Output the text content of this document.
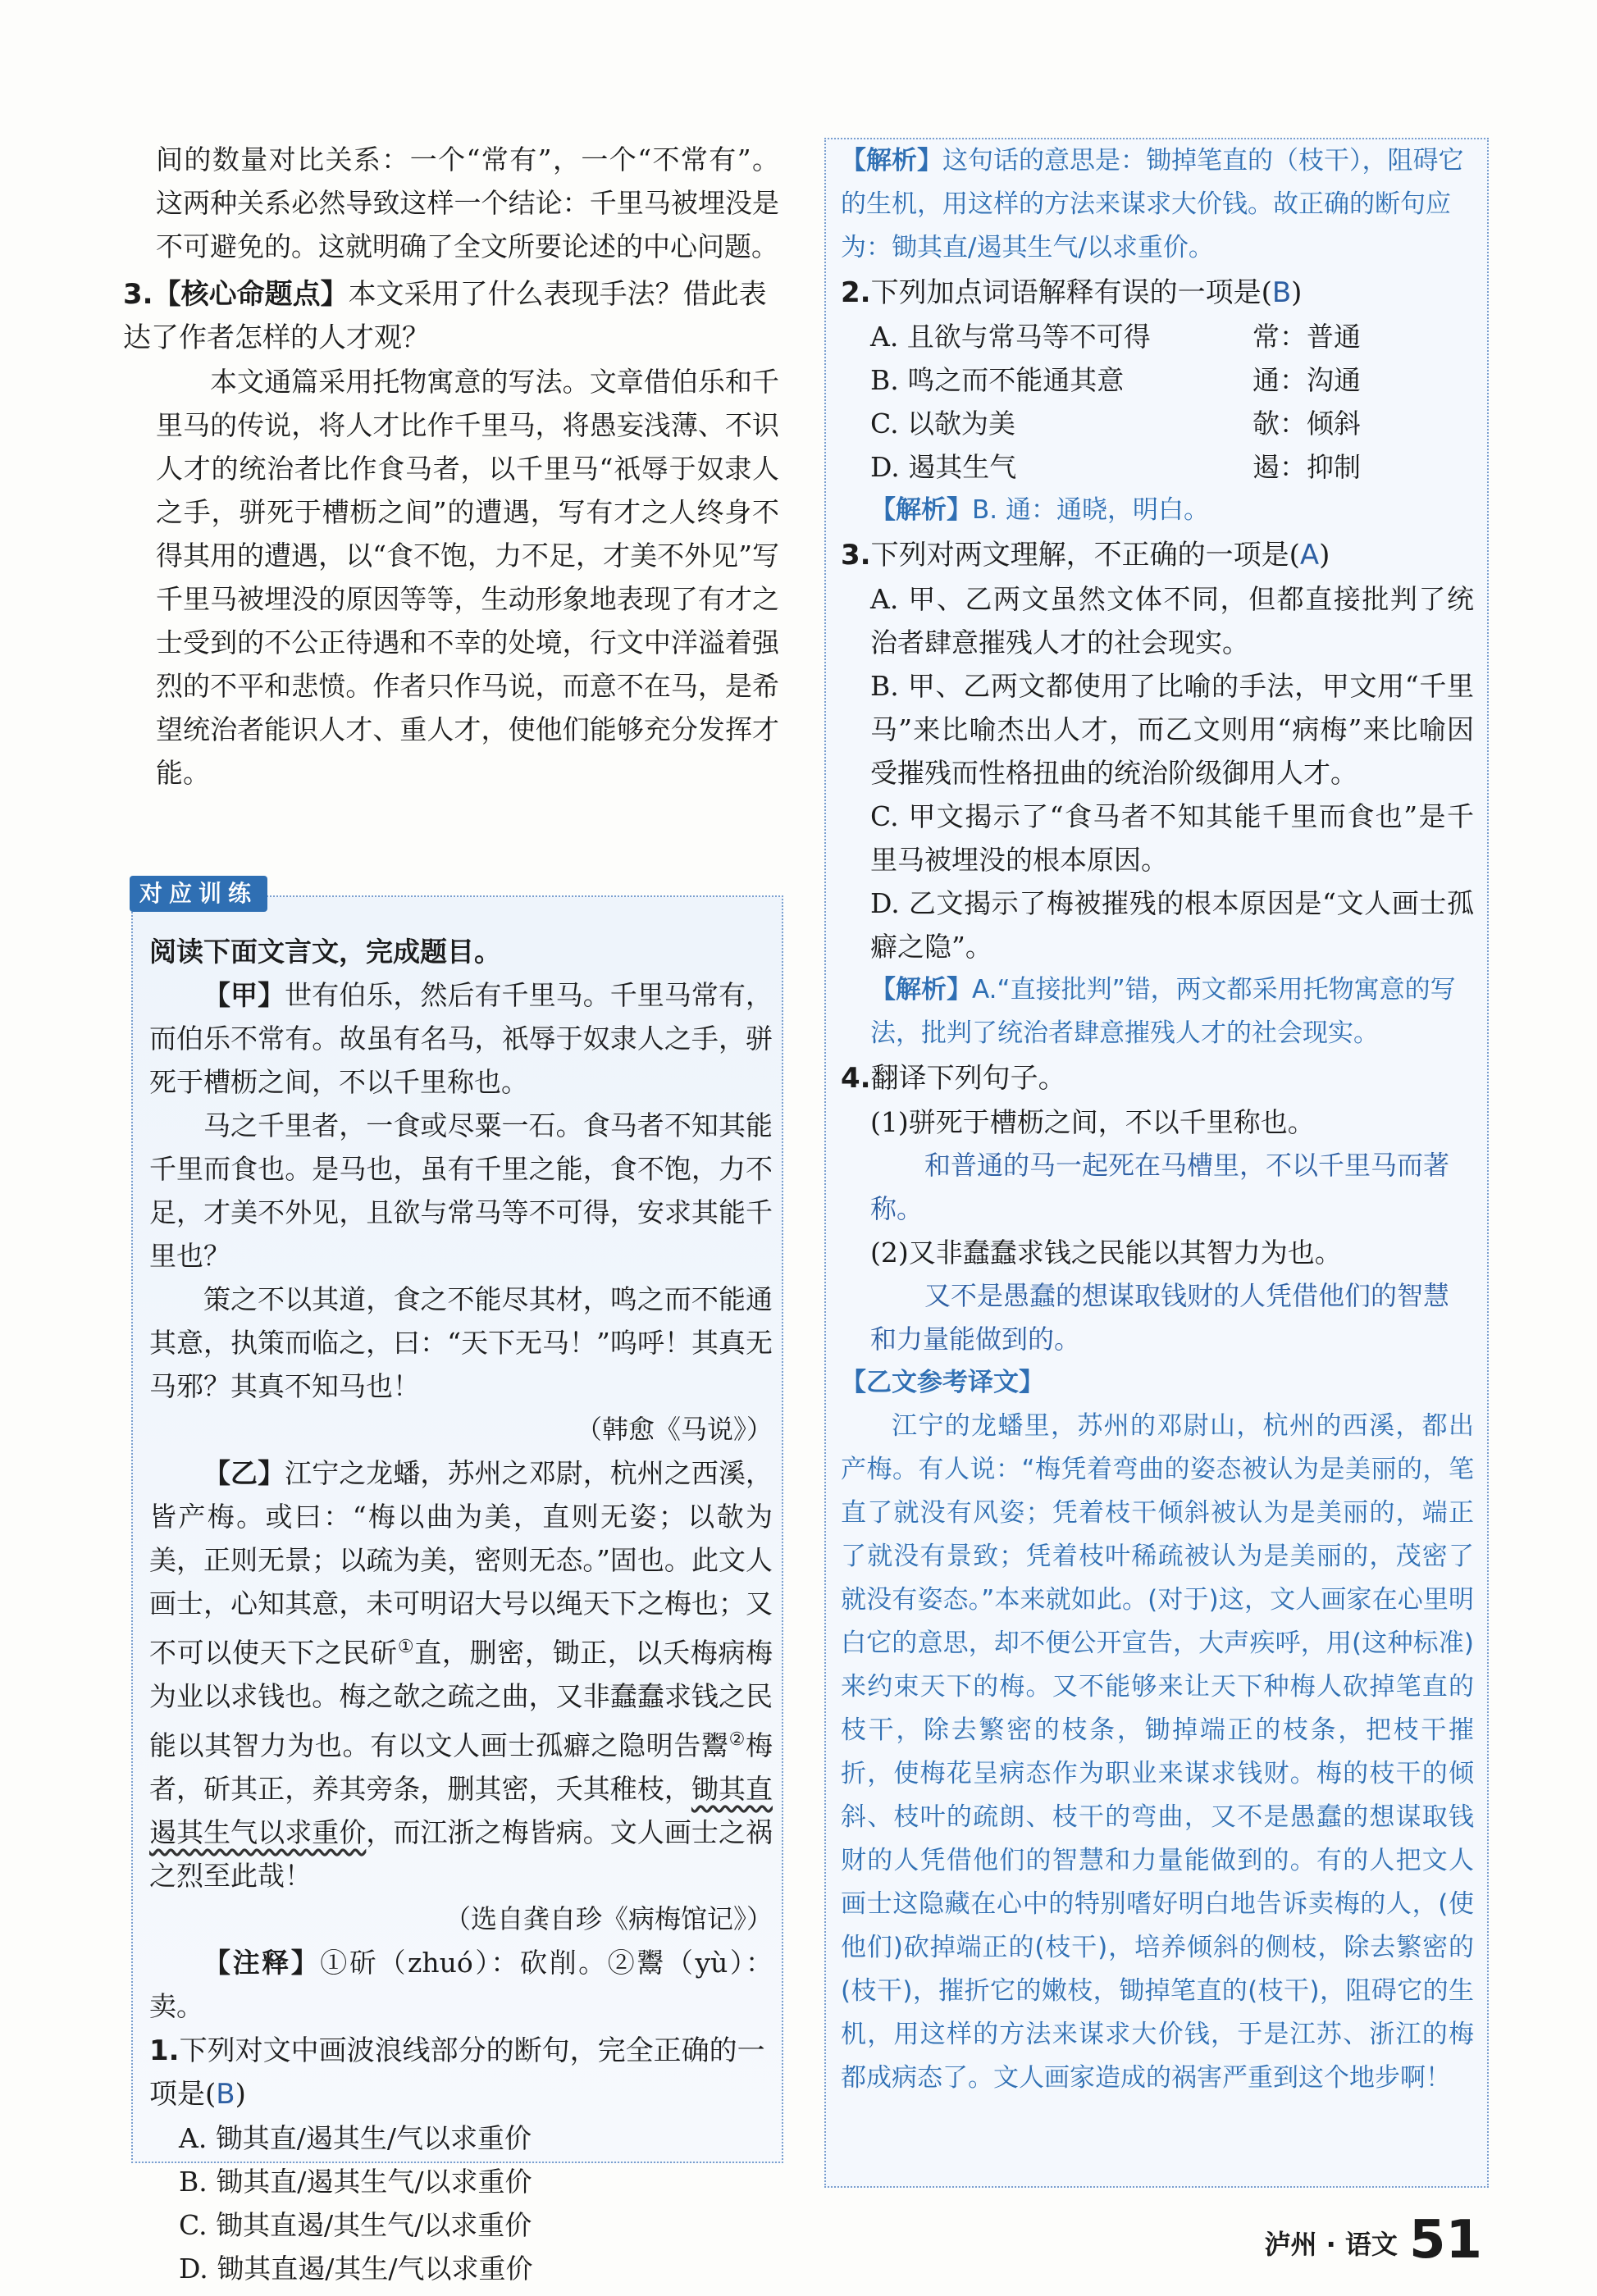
间的数量对比关系：一个“常有”，一个“不常有”。这两种关系必然导致这样一个结论：千里马被埋没是不可避免的。这就明确了全文所要论述的中心问题。

3.【核心命题点】本文采用了什么表现手法？借此表达了作者怎样的人才观？

本文通篇采用托物寓意的写法。文章借伯乐和千里马的传说，将人才比作千里马，将愚妄浅薄、不识人才的统治者比作食马者，以千里马“祇辱于奴隶人之手，骈死于槽枥之间”的遭遇，写有才之人终身不得其用的遭遇，以“食不饱，力不足，才美不外见”写千里马被埋没的原因等等，生动形象地表现了有才之士受到的不公正待遇和不幸的处境，行文中洋溢着强烈的不平和悲愤。作者只作马说，而意不在马，是希望统治者能识人才、重人才，使他们能够充分发挥才能。

阅读下面文言文，完成题目。

【甲】世有伯乐，然后有千里马。千里马常有，而伯乐不常有。故虽有名马，祇辱于奴隶人之手，骈死于槽枥之间，不以千里称也。

马之千里者，一食或尽粟一石。食马者不知其能千里而食也。是马也，虽有千里之能，食不饱，力不足，才美不外见，且欲与常马等不可得，安求其能千里也？

策之不以其道，食之不能尽其材，鸣之而不能通其意，执策而临之，曰：“天下无马！”呜呼！其真无马邪？其真不知马也！

（韩愈《马说》）

【乙】江宁之龙蟠，苏州之邓尉，杭州之西溪，皆产梅。或曰：“梅以曲为美，直则无姿；以欹为美，正则无景；以疏为美，密则无态。”固也。此文人画士，心知其意，未可明诏大号以绳天下之梅也；又不可以使天下之民斫①直，删密，锄正，以夭梅病梅为业以求钱也。梅之欹之疏之曲，又非蠢蠢求钱之民能以其智力为也。有以文人画士孤癖之隐明告鬻②梅者，斫其正，养其旁条，删其密，夭其稚枝，锄其直遏其生气以求重价，而江浙之梅皆病。文人画士之祸之烈至此哉！

（选自龚自珍《病梅馆记》）

【注释】①斫（zhuó）：砍削。②鬻（yù）：卖。

1.下列对文中画波浪线部分的断句，完全正确的一项是(B)

A. 锄其直/遏其生/气以求重价
B. 锄其直/遏其生气/以求重价
C. 锄其直遏/其生气/以求重价
D. 锄其直遏/其生/气以求重价
对应训练

【解析】这句话的意思是：锄掉笔直的（枝干），阻碍它的生机，用这样的方法来谋求大价钱。故正确的断句应为：锄其直/遏其生气/以求重价。

2.下列加点词语解释有误的一项是(B)

A. 且欲与常马等不可得	常：普通
B. 鸣之而不能通其意	通：沟通
C. 以欹为美	欹：倾斜
D. 遏其生气	遏：抑制

【解析】B. 通：通晓，明白。

3.下列对两文理解，不正确的一项是(A)

A. 甲、乙两文虽然文体不同，但都直接批判了统治者肆意摧残人才的社会现实。
B. 甲、乙两文都使用了比喻的手法，甲文用“千里马”来比喻杰出人才，而乙文则用“病梅”来比喻因受摧残而性格扭曲的统治阶级御用人才。
C. 甲文揭示了“食马者不知其能千里而食也”是千里马被埋没的根本原因。
D. 乙文揭示了梅被摧残的根本原因是“文人画士孤癖之隐”。

【解析】A.“直接批判”错，两文都采用托物寓意的写法，批判了统治者肆意摧残人才的社会现实。

4.翻译下列句子。

(1)骈死于槽枥之间，不以千里称也。

和普通的马一起死在马槽里，不以千里马而著称。

(2)又非蠢蠢求钱之民能以其智力为也。

又不是愚蠢的想谋取钱财的人凭借他们的智慧和力量能做到的。

【乙文参考译文】
江宁的龙蟠里，苏州的邓尉山，杭州的西溪，都出产梅。有人说：“梅凭着弯曲的姿态被认为是美丽的，笔直了就没有风姿；凭着枝干倾斜被认为是美丽的，端正了就没有景致；凭着枝叶稀疏被认为是美丽的，茂密了就没有姿态。”本来就如此。(对于)这，文人画家在心里明白它的意思，却不便公开宣告，大声疾呼，用(这种标准)来约束天下的梅。又不能够来让天下种梅人砍掉笔直的枝干，除去繁密的枝条，锄掉端正的枝条，把枝干摧折，使梅花呈病态作为职业来谋求钱财。梅的枝干的倾斜、枝叶的疏朗、枝干的弯曲，又不是愚蠢的想谋取钱财的人凭借他们的智慧和力量能做到的。有的人把文人画士这隐藏在心中的特别嗜好明白地告诉卖梅的人，(使他们)砍掉端正的(枝干)，培养倾斜的侧枝，除去繁密的(枝干)，摧折它的嫩枝，锄掉笔直的(枝干)，阻碍它的生机，用这样的方法来谋求大价钱，于是江苏、浙江的梅都成病态了。文人画家造成的祸害严重到这个地步啊！

泸州 · 语文 51
